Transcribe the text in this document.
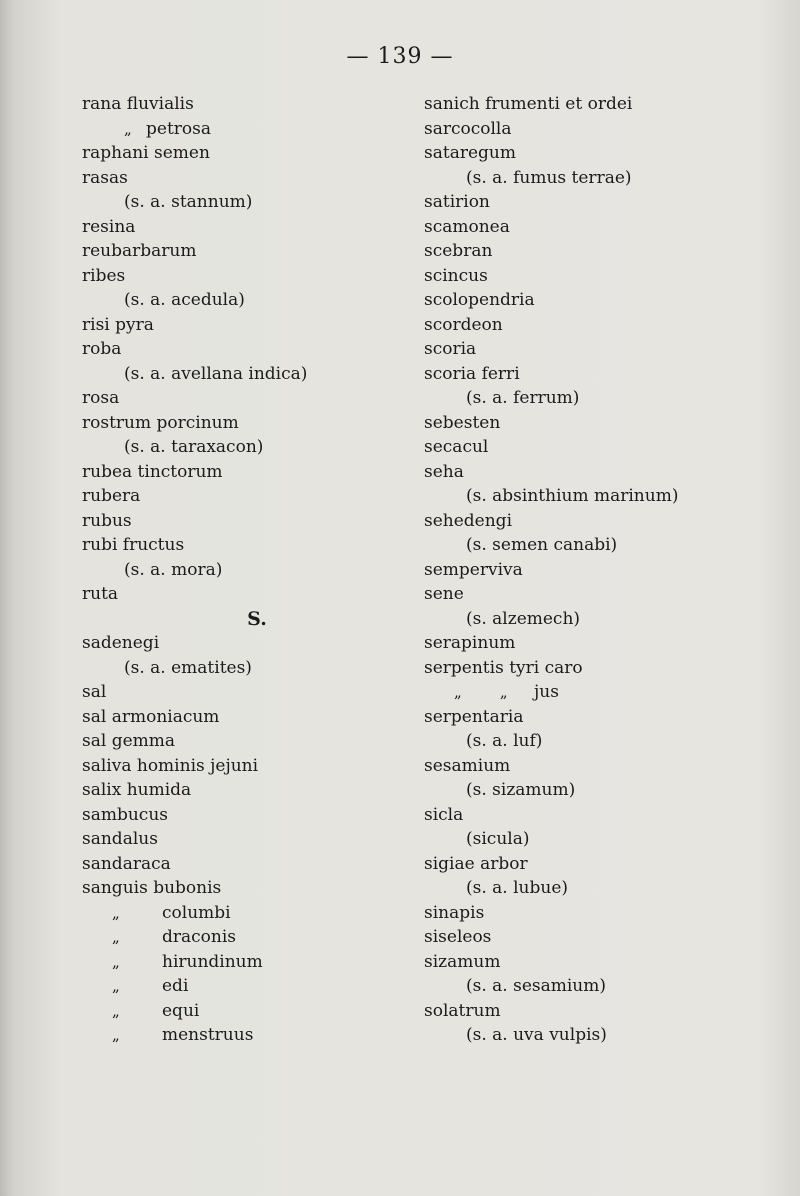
— 139 —
rana fluvialis
„ petrosa
raphani semen
rasas
(s. a. stannum)
resina
reubarbarum
ribes
(s. a. acedula)
risi pyra
roba
(s. a. avellana indica)
rosa
rostrum porcinum
(s. a. taraxacon)
rubea tinctorum
rubera
rubus
rubi fructus
(s. a. mora)
ruta
S.
sadenegi
(s. a. ematites)
sal
sal armoniacum
sal gemma
saliva hominis jejuni
salix humida
sambucus
sandalus
sandaraca
sanguis bubonis
„ columbi
„ draconis
„ hirundinum
„ edi
„ equi
„ menstruus
sanich frumenti et ordei
sarcocolla
sataregum
(s. a. fumus terrae)
satirion
scamonea
scebran
scincus
scolopendria
scordeon
scoria
scoria ferri
(s. a. ferrum)
sebesten
secacul
seha
(s. absinthium marinum)
sehedengi
(s. semen canabi)
semperviva
sene
(s. alzemech)
serapinum
serpentis tyri caro
„        „ jus
serpentaria
(s. a. luf)
sesamium
(s. sizamum)
sicla
(sicula)
sigiae arbor
(s. a. lubue)
sinapis
siseleos
sizamum
(s. a. sesamium)
solatrum
(s. a. uva vulpis)
